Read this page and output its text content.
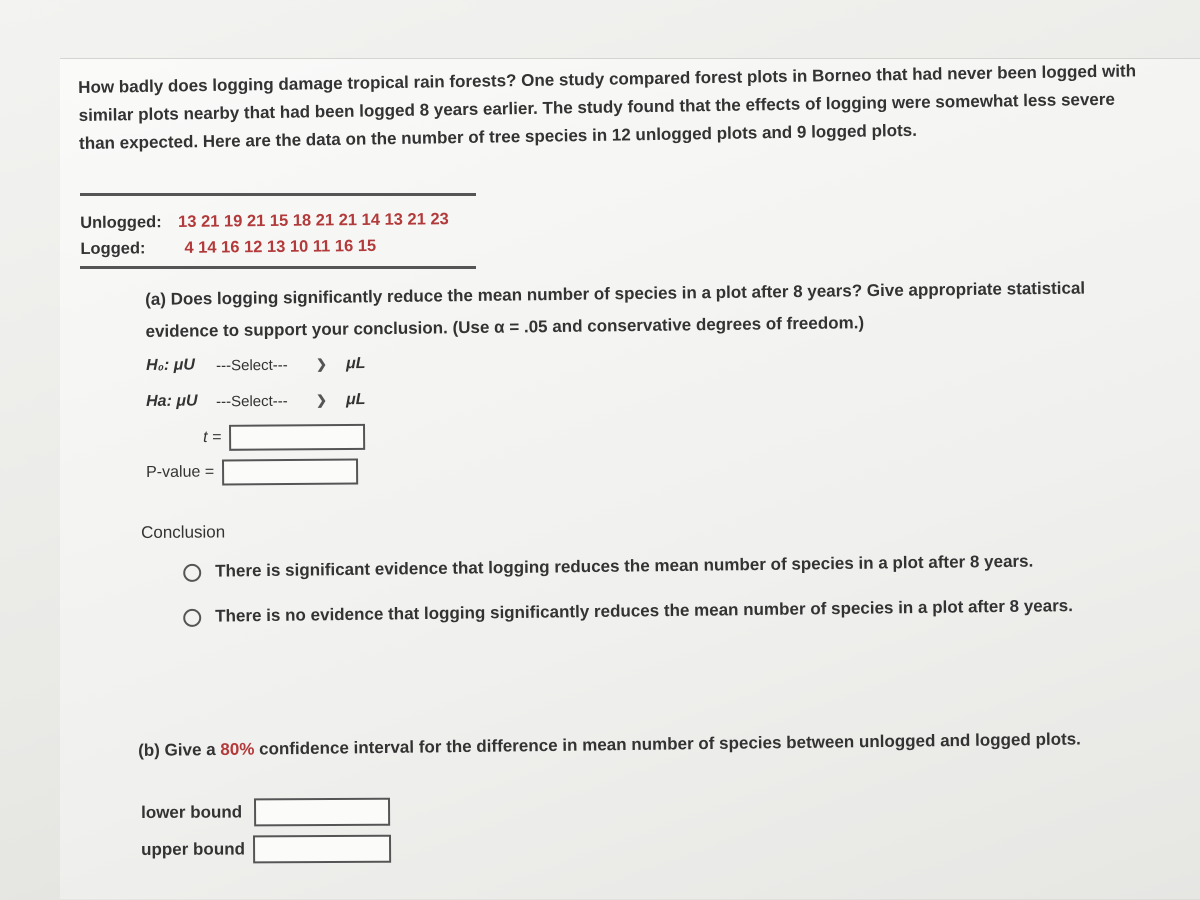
How badly does logging damage tropical rain forests? One study compared forest plots in Borneo that had never been logged with similar plots nearby that had been logged 8 years earlier. The study found that the effects of logging were somewhat less severe than expected. Here are the data on the number of tree species in 12 unlogged plots and 9 logged plots.
Unlogged: 13 21 19 21 15 18 21 21 14 13 21 23
Logged:	4 14 16 12 13 10 11 16 15
(a) Does logging significantly reduce the mean number of species in a plot after 8 years? Give appropriate statistical evidence to support your conclusion. (Use α = .05 and conservative degrees of freedom.)
H₀: μU	---Select---	❯	μL
Ha: μU	---Select---	❯	μL
t =
P-value =
Conclusion
There is significant evidence that logging reduces the mean number of species in a plot after 8 years.
There is no evidence that logging significantly reduces the mean number of species in a plot after 8 years.
(b) Give a 80% confidence interval for the difference in mean number of species between unlogged and logged plots.
lower bound
upper bound
